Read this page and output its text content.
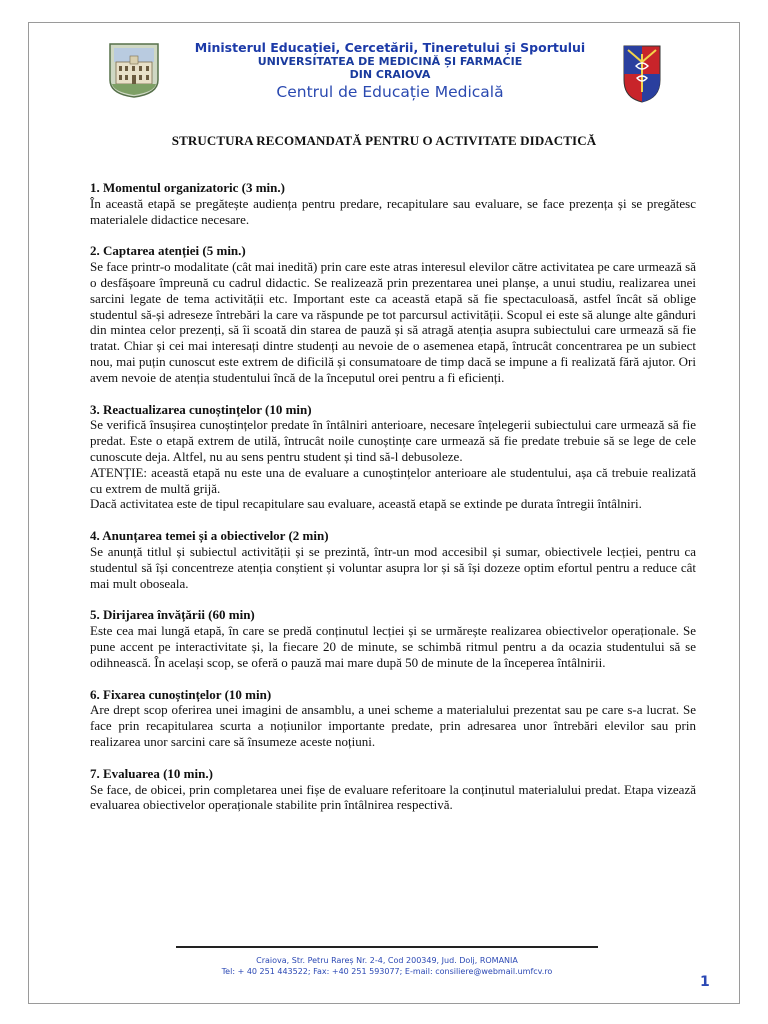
Ministerul Educației, Cercetării, Tineretului și Sportului
UNIVERSITATEA DE MEDICINĂ ȘI FARMACIE
DIN CRAIOVA
Centrul de Educație Medicală
STRUCTURA RECOMANDATĂ PENTRU O ACTIVITATE DIDACTICĂ
1. Momentul organizatoric (3 min.)

În această etapă se pregătește audiența pentru predare, recapitulare sau evaluare, se face prezența și se pregătesc materialele didactice necesare.

2. Captarea atenției (5 min.)

Se face printr-o modalitate (cât mai inedită) prin care este atras interesul elevilor către activitatea pe care urmează să o desfășoare împreună cu cadrul didactic. Se realizează prin prezentarea unei planșe, a unui studiu, realizarea unei sarcini legate de tema activității etc. Important este ca această etapă să fie spectaculoasă, astfel încât să oblige studentul să-și adreseze întrebări la care va răspunde pe tot parcursul activității. Scopul ei este să alunge alte gânduri din mintea celor prezenți, să îi scoată din starea de pauză și să atragă atenția asupra subiectului care urmează să fie tratat. Chiar și cei mai interesați dintre studenți au nevoie de o asemenea etapă, întrucât concentrarea pe un subiect nou, mai puțin cunoscut este extrem de dificilă și consumatoare de timp dacă se impune a fi realizată fără ajutor. Ori avem nevoie de atenția studentului încă de la începutul orei pentru a fi eficienți.

3. Reactualizarea cunoștințelor (10 min)

Se verifică însușirea cunoștințelor predate în întâlniri anterioare, necesare înțelegerii subiectului care urmează să fie predat. Este o etapă extrem de utilă, întrucât noile cunoștințe care urmează să fie predate trebuie să se lege de cele cunoscute deja. Altfel, nu au sens pentru student și tind să-l debusoleze.

ATENȚIE: această etapă nu este una de evaluare a cunoștințelor anterioare ale studentului, așa că trebuie realizată cu extrem de multă grijă.

Dacă activitatea este de tipul recapitulare sau evaluare, această etapă se extinde pe durata întregii întâlniri.

4. Anunțarea temei și a obiectivelor (2 min)

Se anunță titlul și subiectul activității și se prezintă, într-un mod accesibil și sumar, obiectivele lecției, pentru ca studentul să își concentreze atenția conștient și voluntar asupra lor și să își dozeze optim efortul pentru a reduce cât mai mult oboseala.

5. Dirijarea învățării (60 min)

Este cea mai lungă etapă, în care se predă conținutul lecției și se urmărește realizarea obiectivelor operaționale. Se pune accent pe interactivitate și, la fiecare 20 de minute, se schimbă ritmul pentru a da ocazia studentului să se odihnească. În același scop, se oferă o pauză mai mare după 50 de minute de la începerea întâlnirii.

6. Fixarea cunoștințelor (10 min)

Are drept scop oferirea unei imagini de ansamblu, a unei scheme a materialului prezentat sau pe care s-a lucrat. Se face prin recapitularea scurta a noțiunilor importante predate, prin adresarea unor întrebări elevilor sau prin realizarea unor sarcini care să însumeze aceste noțiuni.

7. Evaluarea (10 min.)

Se face, de obicei, prin completarea unei fișe de evaluare referitoare la conținutul materialului predat. Etapa vizează evaluarea obiectivelor operaționale stabilite prin întâlnirea respectivă.

Craiova, Str. Petru Rareș Nr. 2-4, Cod 200349, Jud. Dolj, ROMANIA
Tel: + 40 251 443522; Fax: +40 251 593077; E-mail: consiliere@webmail.umfcv.ro
1
